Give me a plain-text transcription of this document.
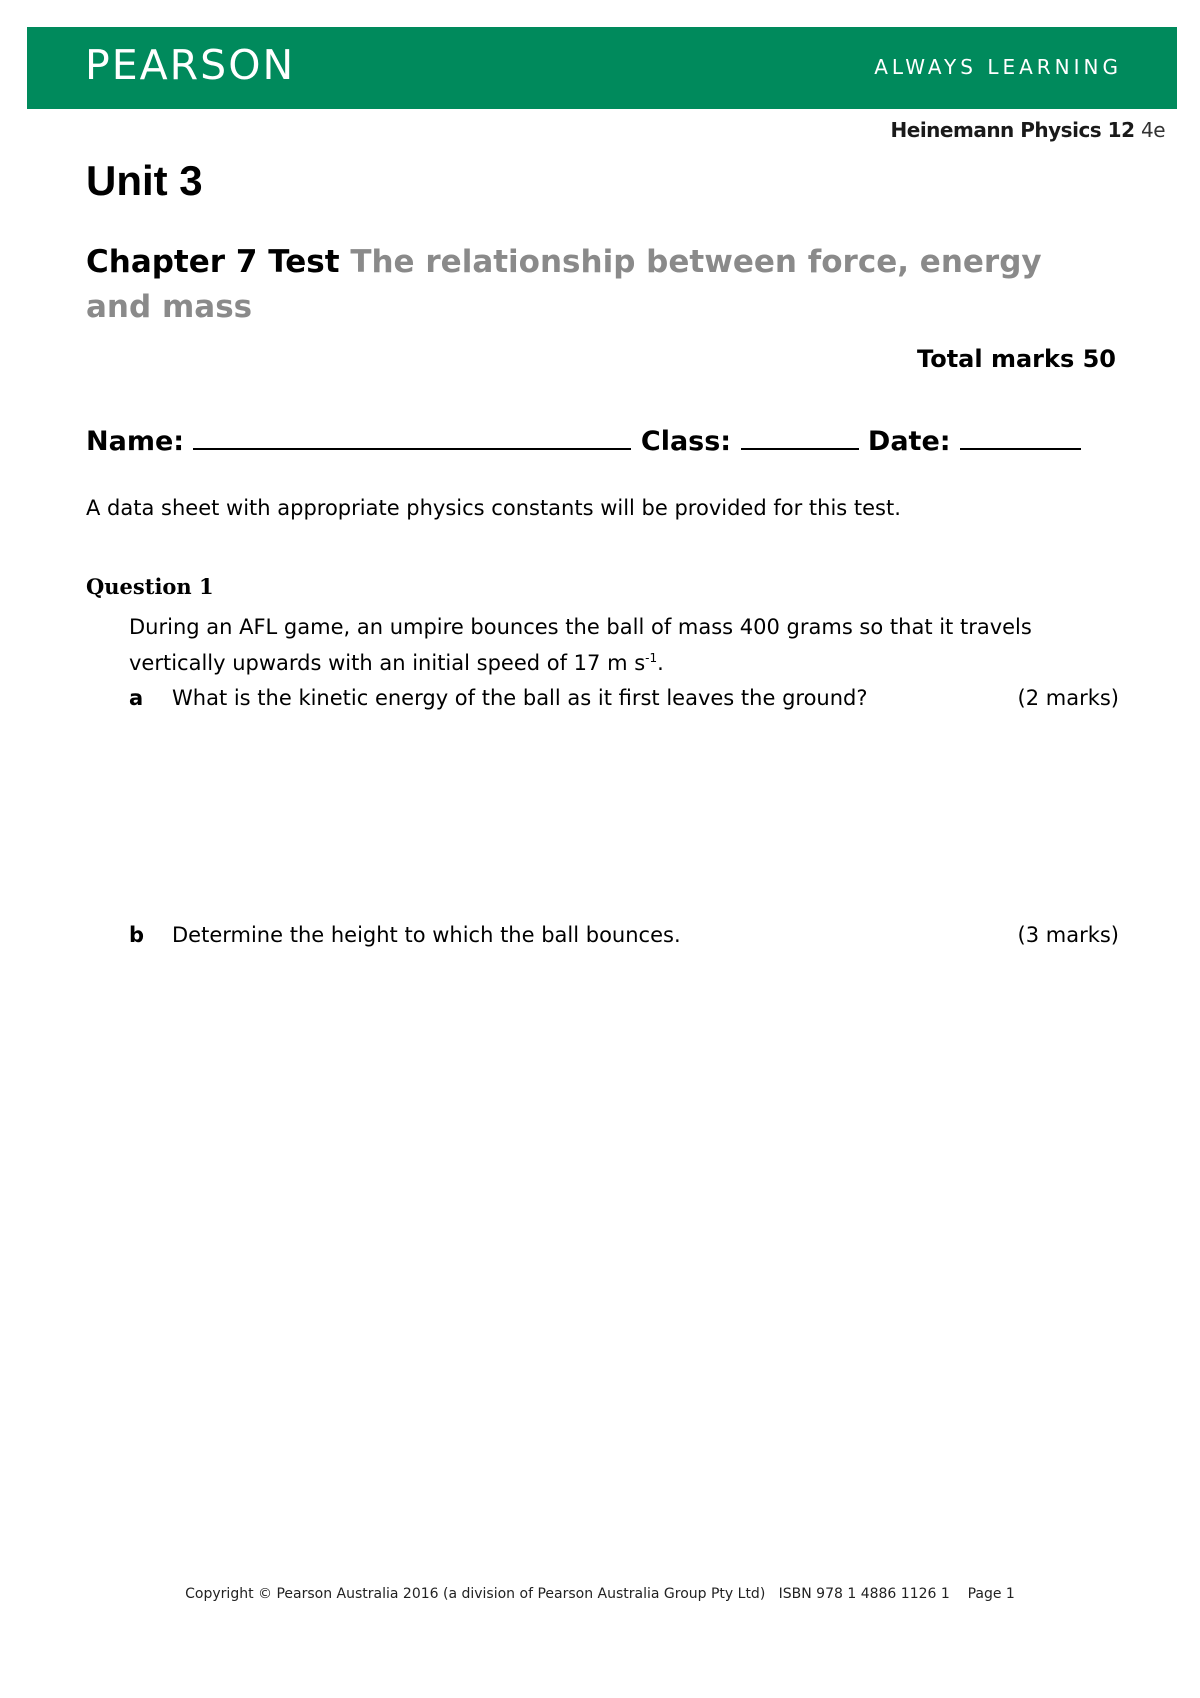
PEARSON	ALWAYS LEARNING
Heinemann Physics 12 4e
Unit 3
Chapter 7 Test The relationship between force, energy and mass
Total marks 50
Name:	Class:	Date:
A data sheet with appropriate physics constants will be provided for this test.
Question 1
During an AFL game, an umpire bounces the ball of mass 400 grams so that it travels vertically upwards with an initial speed of 17 m $s^{-1}$.
a What is the kinetic energy of the ball as it first leaves the ground?	(2 marks)
b Determine the height to which the ball bounces.	(3 marks)
Copyright © Pearson Australia 2016 (a division of Pearson Australia Group Pty Ltd)   ISBN 978 1 4886 1126 1    Page 1
